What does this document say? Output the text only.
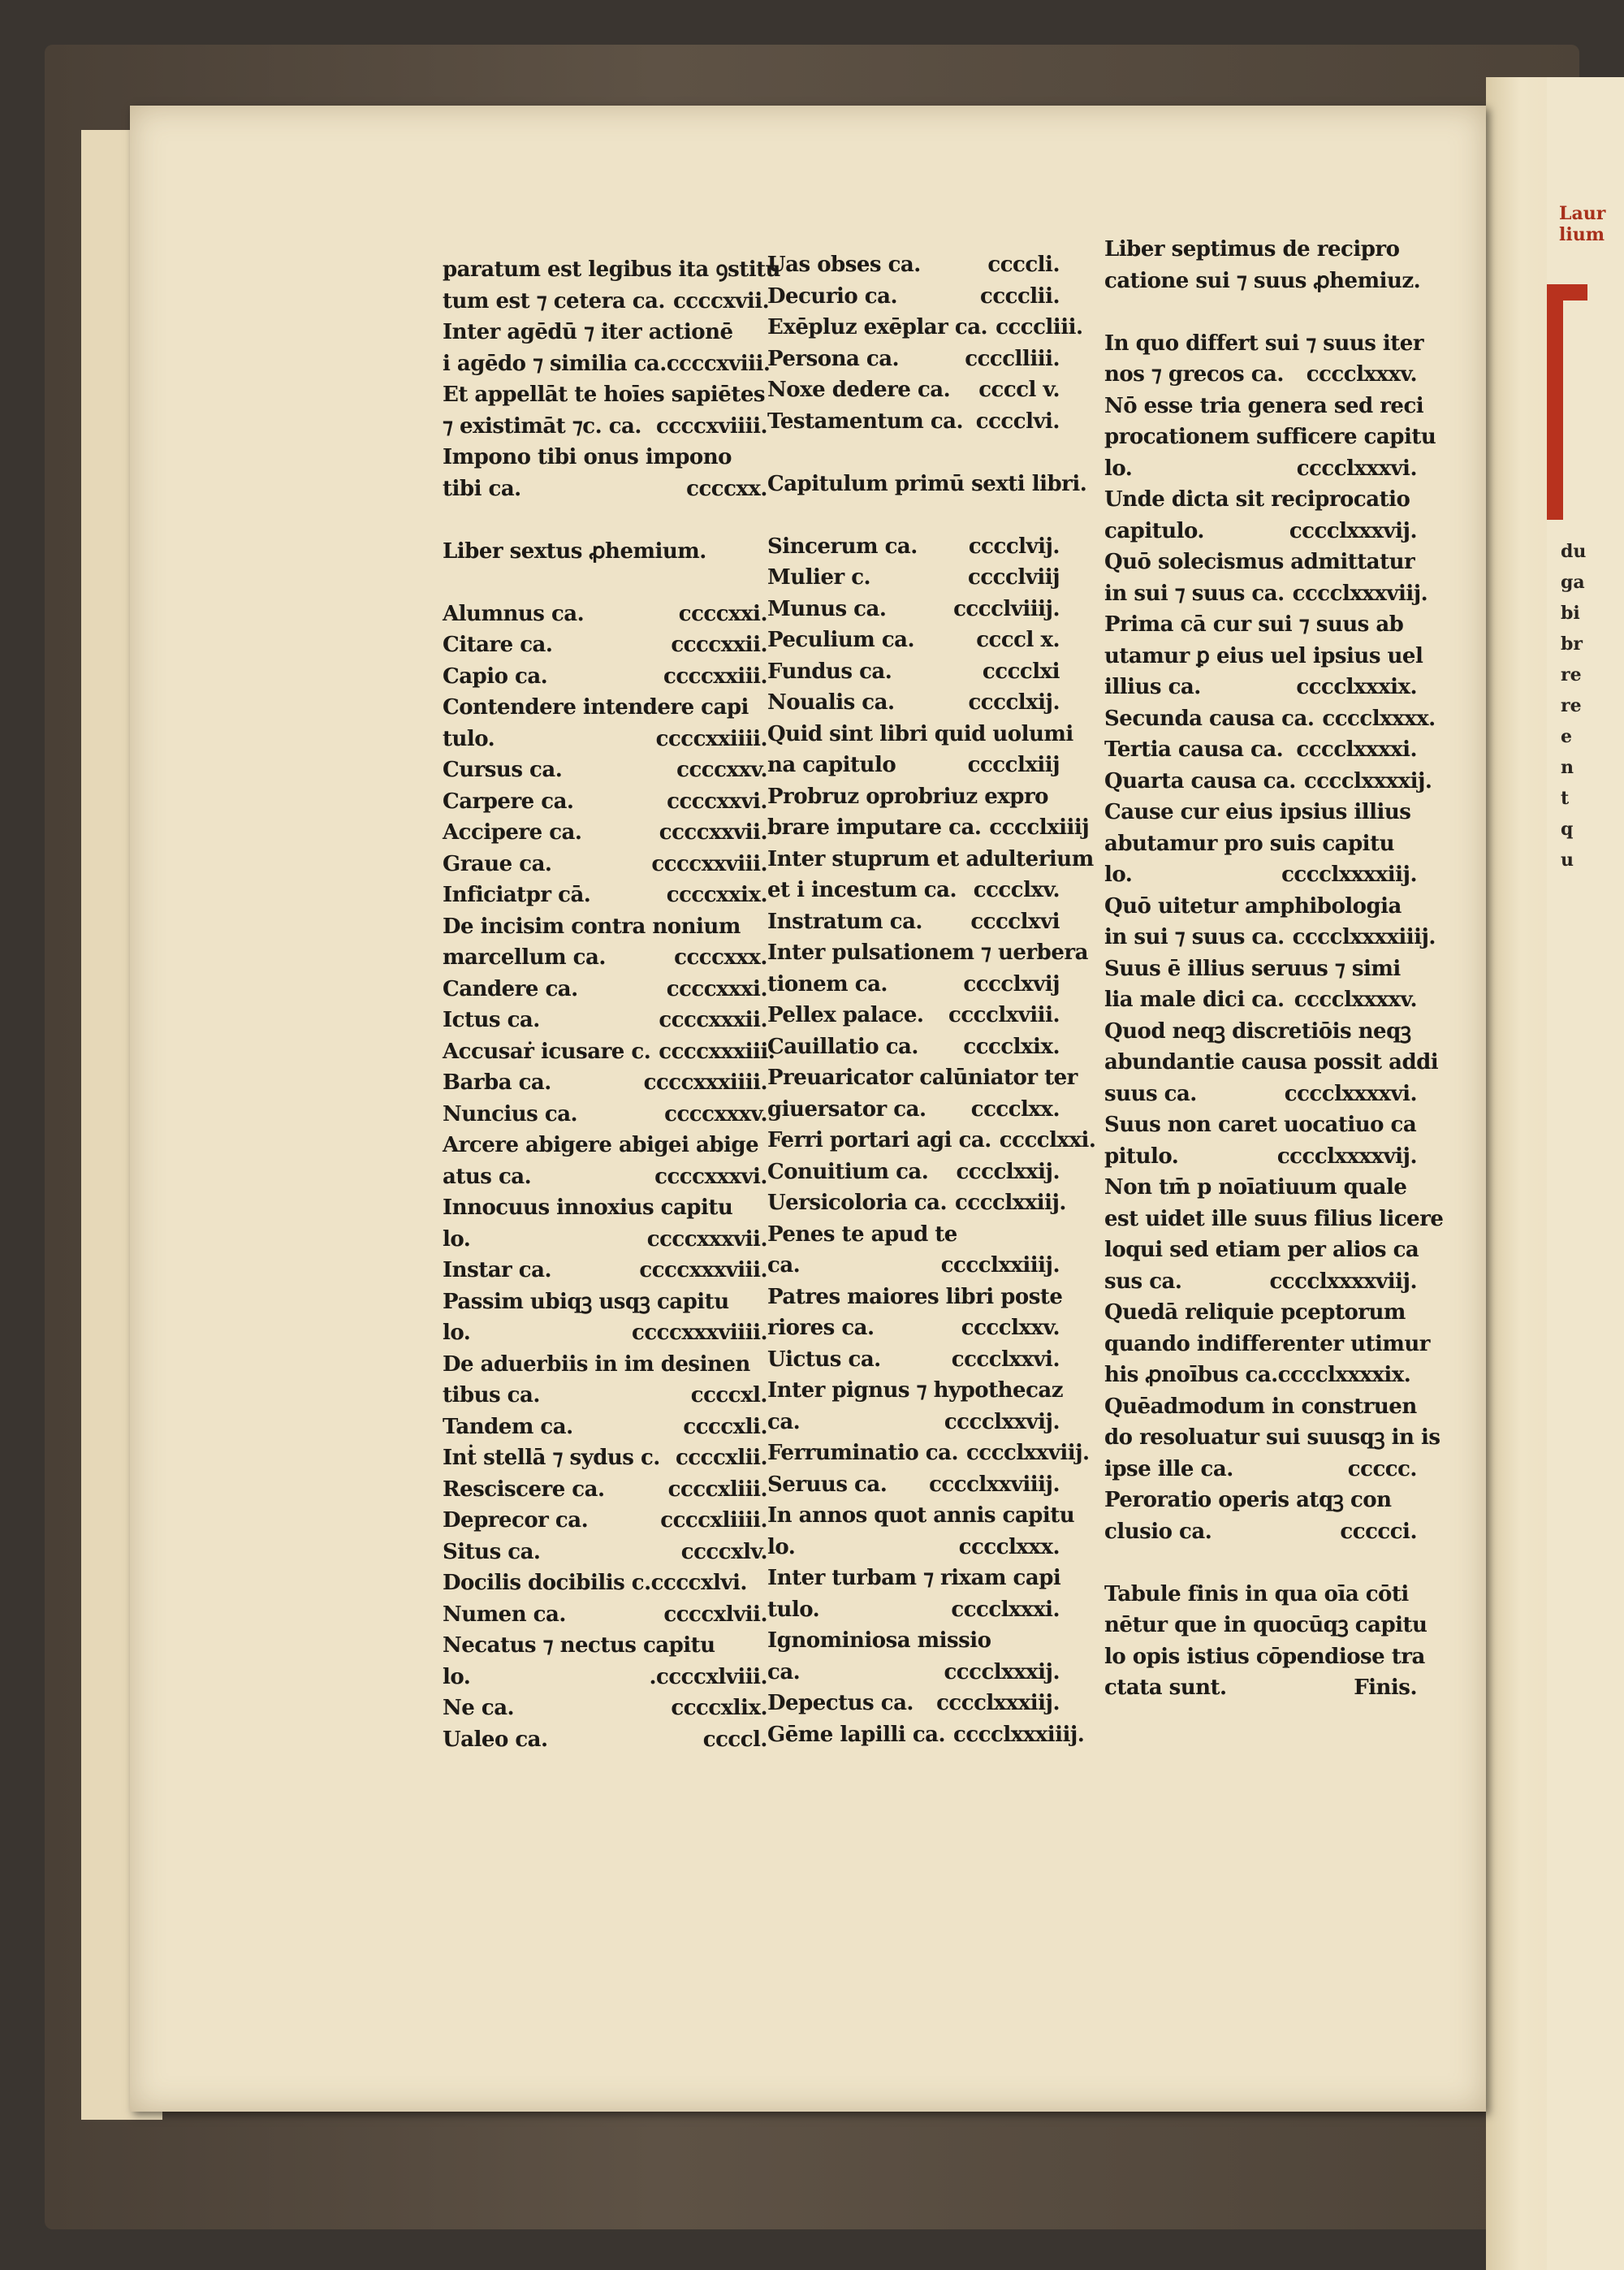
Laur
lium
du
ga
bi
br
re
re
e
n
t
q
u
paratum est legibus ita ꝯstitu
tum est ⁊ cetera ca. ccccxvii.
Inter agēdū ⁊ iter actionē
i agēdo ⁊ similia ca.ccccxviii.
Et appellāt te hoīes sapiētes
⁊ existimāt ⁊c. ca. ccccxviiii.
Impono tibi onus impono
tibi ca.	ccccxx.
Liber sextus ꝓhemium.
Alumnus ca.	ccccxxi.
Citare ca.	ccccxxii.
Capio ca.	ccccxxiii.
Contendere intendere capi
tulo.	ccccxxiiii.
Cursus ca.	ccccxxv.
Carpere ca.	ccccxxvi.
Accipere ca.	ccccxxvii.
Graue ca.	ccccxxviii.
Inficiatpr cā.	ccccxxix.
De incisim contra nonium
marcellum ca.	ccccxxx.
Candere ca.	ccccxxxi.
Ictus ca.	ccccxxxii.
Accusaṙ icusare c. ccccxxxiii.
Barba ca.	ccccxxxiiii.
Nuncius ca.	ccccxxxv.
Arcere abigere abigei abige
atus ca.	ccccxxxvi.
Innocuus innoxius capitu
lo.	ccccxxxvii.
Instar ca.	ccccxxxviii.
Passim ubiqꝫ usqꝫ capitu
lo.	ccccxxxviiii.
De aduerbiis in im desinen
tibus ca.	ccccxl.
Tandem ca.	ccccxli.
Inṫ stellā ⁊ sydus c. ccccxlii.
Resciscere ca.	ccccxliii.
Deprecor ca.	ccccxliiii.
Situs ca.	ccccxlv.
Docilis docibilis c.ccccxlvi.
Numen ca.	ccccxlvii.
Necatus ⁊ nectus capitu
lo.	.ccccxlviii.
Ne ca.	ccccxlix.
Ualeo ca.	ccccl.
Uas obses ca.	ccccli.
Decurio ca.	cccclii.
Exēpluz exēplar ca. ccccliii.
Persona ca.	cccclliii.
Noxe dedere ca.	ccccl v.
Testamentum ca. cccclvi.
Capitulum primū sexti libri.
Sincerum ca.	cccclvij.
Mulier c.	cccclviij
Munus ca.	cccclviiij.
Peculium ca.	ccccl x.
Fundus ca.	cccclxi
Noualis ca.	cccclxij.
Quid sint libri quid uolumi
na capitulo	cccclxiij
Probruz oprobriuz expro
brare imputare ca. cccclxiiij
Inter stuprum et adulterium
et i incestum ca. cccclxv.
Instratum ca.	cccclxvi
Inter pulsationem ⁊ uerbera
tionem ca.	cccclxvij
Pellex palace.	cccclxviii.
Cauillatio ca.	cccclxix.
Preuaricator calūniator ter
giuersator ca.	cccclxx.
Ferri portari agi ca. cccclxxi.
Conuitium ca.	cccclxxij.
Uersicoloria ca. cccclxxiij.
Penes te apud te
ca.	cccclxxiiij.
Patres maiores libri poste
riores ca.	cccclxxv.
Uictus ca.	cccclxxvi.
Inter pignus ⁊ hypothecaz
ca.	cccclxxvij.
Ferruminatio ca. cccclxxviij.
Seruus ca.	cccclxxviiij.
In annos quot annis capitu
lo.	cccclxxx.
Inter turbam ⁊ rixam capi
tulo.	cccclxxxi.
Ignominiosa missio
ca.	cccclxxxij.
Depectus ca.	cccclxxxiij.
Gēme lapilli ca. cccclxxxiiij.
Liber septimus de recipro
catione sui ⁊ suus ꝓhemiuz.
In quo differt sui ⁊ suus iter
nos ⁊ grecos ca.	cccclxxxv.
Nō esse tria genera sed reci
procationem sufficere capitu
lo.	cccclxxxvi.
Unde dicta sit reciprocatio
capitulo.	cccclxxxvij.
Quō solecismus admittatur
in sui ⁊ suus ca. cccclxxxviij.
Prima cā cur sui ⁊ suus ab
utamur ꝑ eius uel ipsius uel
illius ca.	cccclxxxix.
Secunda causa ca. cccclxxxx.
Tertia causa ca. cccclxxxxi.
Quarta causa ca. cccclxxxxij.
Cause cur eius ipsius illius
abutamur pro suis capitu
lo.	cccclxxxxiij.
Quō uitetur amphibologia
in sui ⁊ suus ca. cccclxxxxiiij.
Suus ē illius seruus ⁊ simi
lia male dici ca. cccclxxxxv.
Quod neqꝫ discretiōis neqꝫ
abundantie causa possit addi
suus ca.	cccclxxxxvi.
Suus non caret uocatiuo ca
pitulo.	cccclxxxxvij.
Non tm̄ p noīatiuum quale
est uidet ille suus filius licere
loqui sed etiam per alios ca
sus ca.	cccclxxxxviij.
Quedā reliquie pceptorum
quando indifferenter utimur
his ꝓnoībus ca.cccclxxxxix.
Quēadmodum in construen
do resoluatur sui suusqꝫ in is
ipse ille ca.	ccccc.
Peroratio operis atqꝫ con
clusio ca.	ccccci.
Tabule finis in qua oīa cōti
nētur que in quocūqꝫ capitu
lo opis istius cōpendiose tra
ctata sunt.	Finis.
